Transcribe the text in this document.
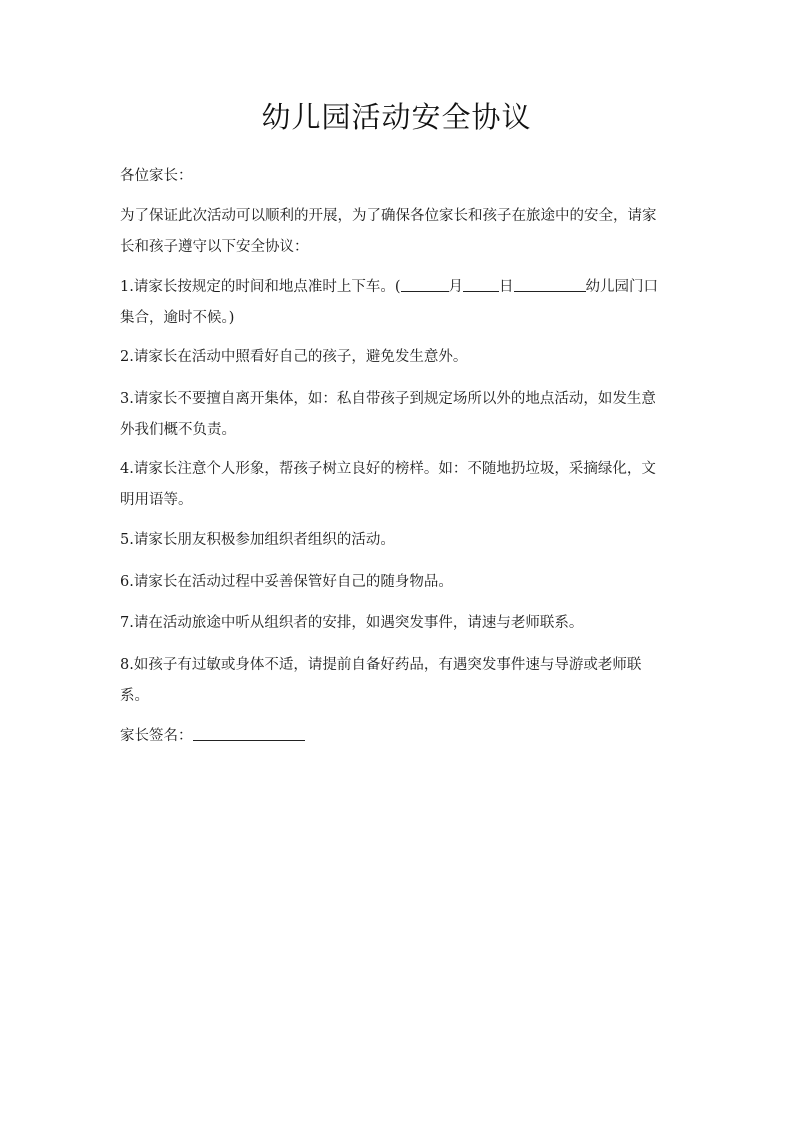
幼儿园活动安全协议
各位家长：
为了保证此次活动可以顺利的开展，为了确保各位家长和孩子在旅途中的安全，请家
长和孩子遵守以下安全协议：
1.请家长按规定的时间和地点准时上下车。(	月 日	幼儿园门口
集合，逾时不候。)
2.请家长在活动中照看好自己的孩子，避免发生意外。
3.请家长不要擅自离开集体，如：私自带孩子到规定场所以外的地点活动，如发生意
外我们概不负责。
4.请家长注意个人形象，帮孩子树立良好的榜样。如：不随地扔垃圾，采摘绿化，文
明用语等。
5.请家长朋友积极参加组织者组织的活动。
6.请家长在活动过程中妥善保管好自己的随身物品。
7.请在活动旅途中听从组织者的安排，如遇突发事件，请速与老师联系。
8.如孩子有过敏或身体不适，请提前自备好药品，有遇突发事件速与导游或老师联
系。
家长签名：
